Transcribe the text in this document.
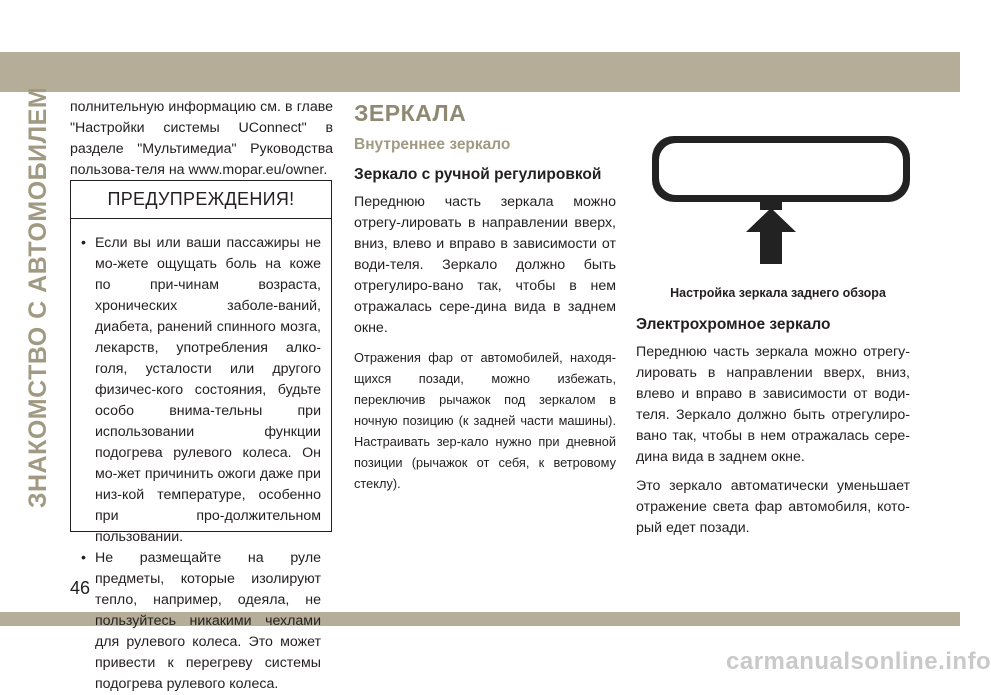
ЗНАКОМСТВО С АВТОМОБИЛЕМ полнительную информацию см. в главе "Настройки системы UConnect" в разделе "Мультимедиа" Руководства пользова-теля на www.mopar.eu/owner.

ПРЕДУПРЕЖДЕНИЯ!
• Если вы или ваши пассажиры не мо-жете ощущать боль на коже по при-чинам возраста, хронических заболе-ваний, диабета, ранений спинного мозга, лекарств, употребления алко-голя, усталости или другого физичес-кого состояния, будьте особо внима-тельны при использовании функции подогрева рулевого колеса. Он мо-жет причинить ожоги даже при низ-кой температуре, особенно при про-должительном пользовании.
• Не размещайте на руле предметы, которые изолируют тепло, например, одеяла, не пользуйтесь никакими чехлами для рулевого колеса. Это может привести к перегреву системы подогрева рулевого колеса.
ЗЕРКАЛА
Внутреннее зеркало
Зеркало с ручной регулировкой

Переднюю часть зеркала можно отрегу-лировать в направлении вверх, вниз, влево и вправо в зависимости от води-теля. Зеркало должно быть отрегулиро-вано так, чтобы в нем отражалась сере-дина вида в заднем окне.

Отражения фар от автомобилей, находя-щихся позади, можно избежать, переключив рычажок под зеркалом в ночную позицию (к задней части машины). Настраивать зер-кало нужно при дневной позиции (рычажок от себя, к ветровому стеклу).

Настройка зеркала заднего обзора
Электрохромное зеркало

Переднюю часть зеркала можно отрегу-лировать в направлении вверх, вниз, влево и вправо в зависимости от води-теля. Зеркало должно быть отрегулиро-вано так, чтобы в нем отражалась сере-дина вида в заднем окне.

Это зеркало автоматически уменьшает отражение света фар автомобиля, кото-рый едет позади.

46
carmanualsonline.info
